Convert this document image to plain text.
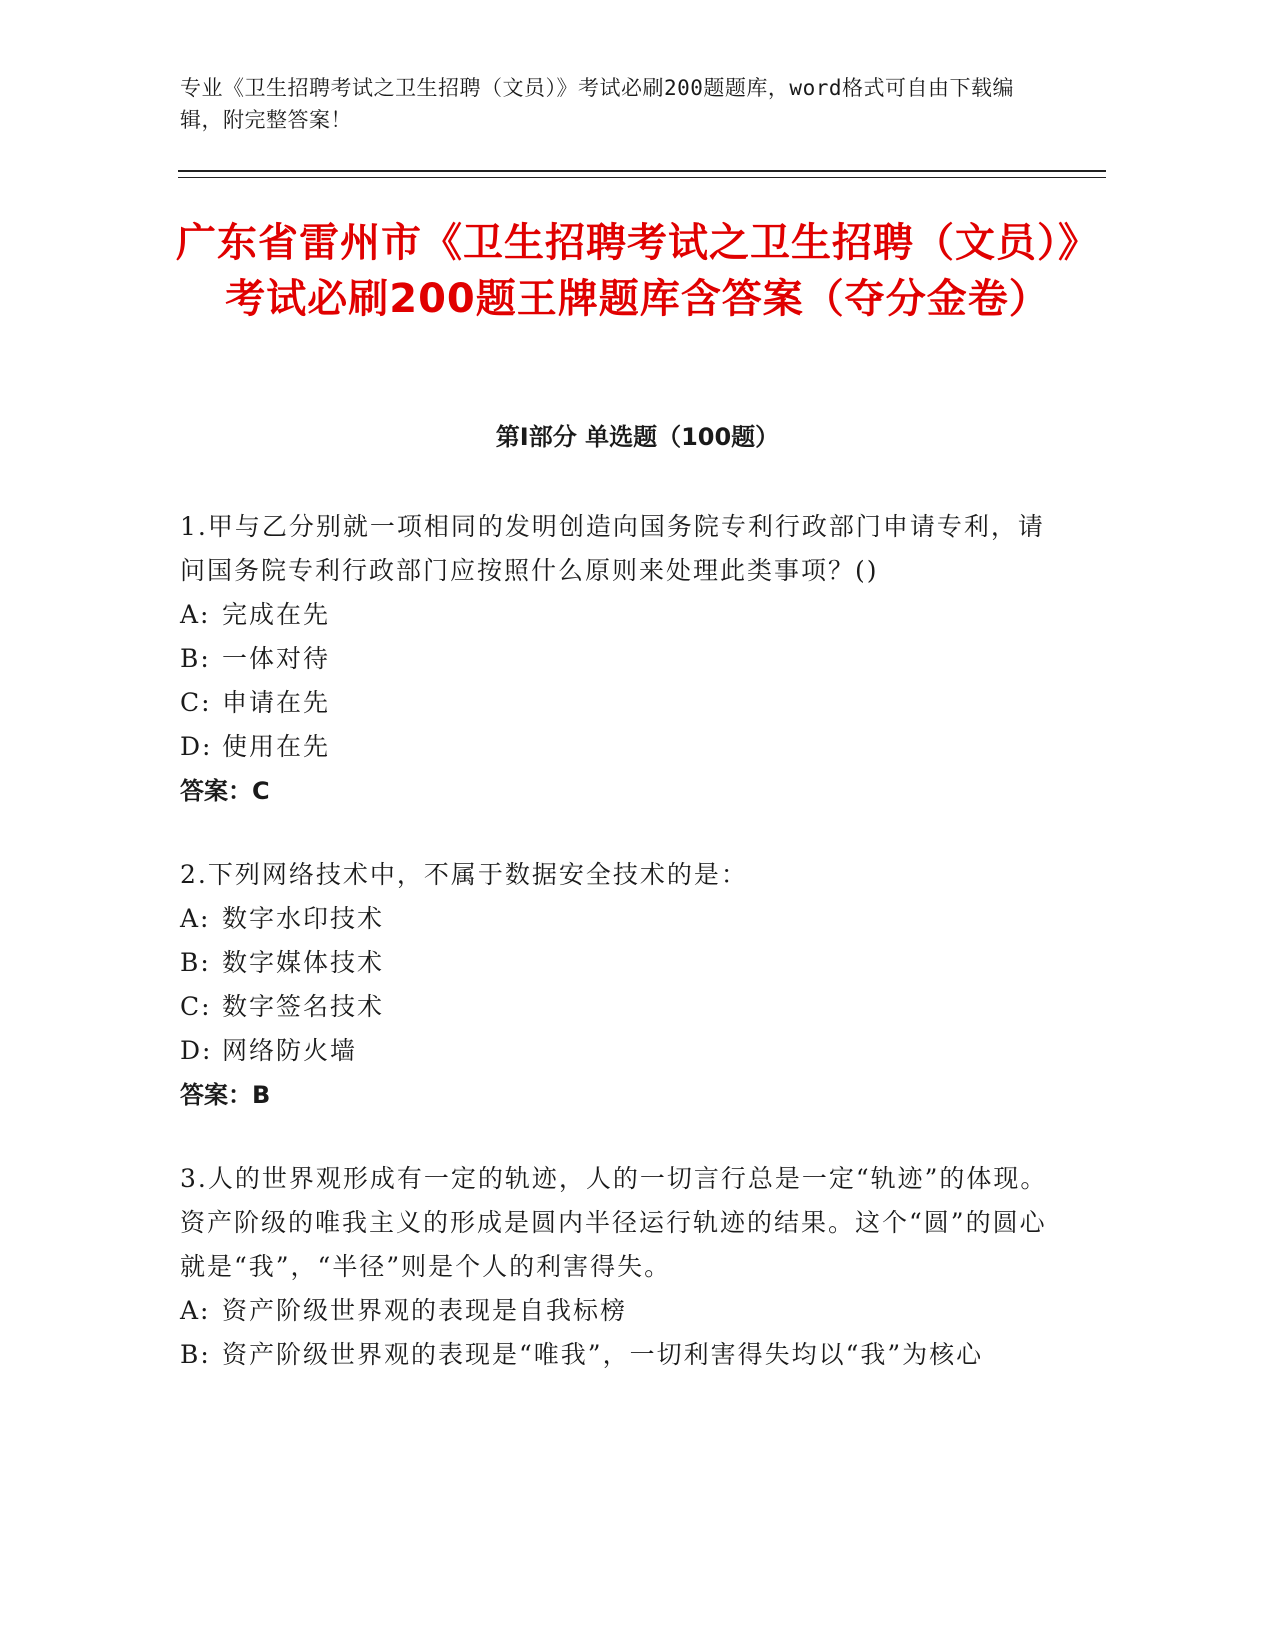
专业《卫生招聘考试之卫生招聘（文员）》考试必刷200题题库，word格式可自由下载编辑，附完整答案！
广东省雷州市《卫生招聘考试之卫生招聘（文员）》考试必刷200题王牌题库含答案（夺分金卷）
第I部分 单选题（100题）

1.甲与乙分别就一项相同的发明创造向国务院专利行政部门申请专利，请问国务院专利行政部门应按照什么原则来处理此类事项？()

A: 完成在先

B: 一体对待

C: 申请在先

D: 使用在先

答案：C

2.下列网络技术中，不属于数据安全技术的是：

A: 数字水印技术

B: 数字媒体技术

C: 数字签名技术

D: 网络防火墙

答案：B

3.人的世界观形成有一定的轨迹，人的一切言行总是一定“轨迹”的体现。资产阶级的唯我主义的形成是圆内半径运行轨迹的结果。这个“圆”的圆心就是“我”，“半径”则是个人的利害得失。

A: 资产阶级世界观的表现是自我标榜

B: 资产阶级世界观的表现是“唯我”，一切利害得失均以“我”为核心
